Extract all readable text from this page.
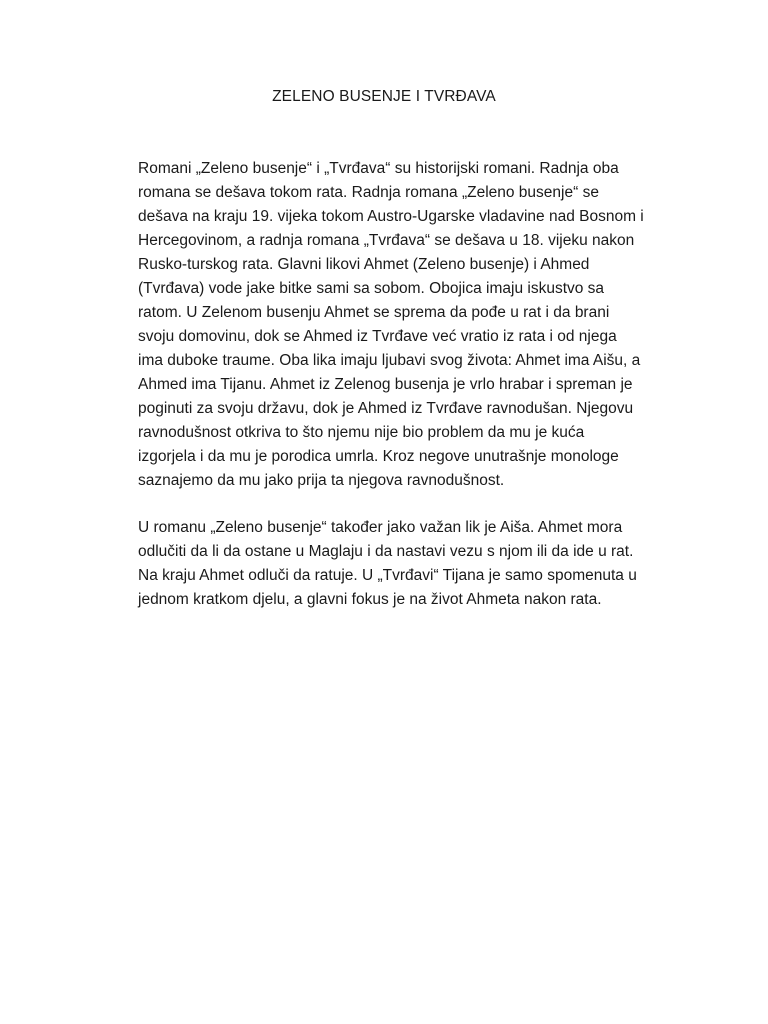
ZELENO BUSENJE I TVRĐAVA
Romani „Zeleno busenje“ i „Tvrđava“ su historijski romani. Radnja oba
romana se dešava tokom rata. Radnja romana „Zeleno busenje“ se
dešava na kraju 19. vijeka tokom Austro-Ugarske vladavine nad Bosnom i
Hercegovinom, a radnja romana „Tvrđava“ se dešava u 18. vijeku nakon
Rusko-turskog rata. Glavni likovi Ahmet (Zeleno busenje) i Ahmed
(Tvrđava) vode jake bitke sami sa sobom. Obojica imaju iskustvo sa
ratom. U Zelenom busenju Ahmet se sprema da pođe u rat i da brani
svoju domovinu, dok se Ahmed iz Tvrđave već vratio iz rata i od njega
ima duboke traume. Oba lika imaju ljubavi svog života: Ahmet ima Aišu, a
Ahmed ima Tijanu. Ahmet iz Zelenog busenja je vrlo hrabar i spreman je
poginuti za svoju državu, dok je Ahmed iz Tvrđave ravnodušan. Njegovu
ravnodušnost otkriva to što njemu nije bio problem da mu je kuća
izgorjela i da mu je porodica umrla. Kroz negove unutrašnje monologe
saznajemo da mu jako prija ta njegova ravnodušnost.
U romanu „Zeleno busenje“ također jako važan lik je Aiša. Ahmet mora
odlučiti da li da ostane u Maglaju i da nastavi vezu s njom ili da ide u rat.
Na kraju Ahmet odluči da ratuje. U „Tvrđavi“ Tijana je samo spomenuta u
jednom kratkom djelu, a glavni fokus je na život Ahmeta nakon rata.
